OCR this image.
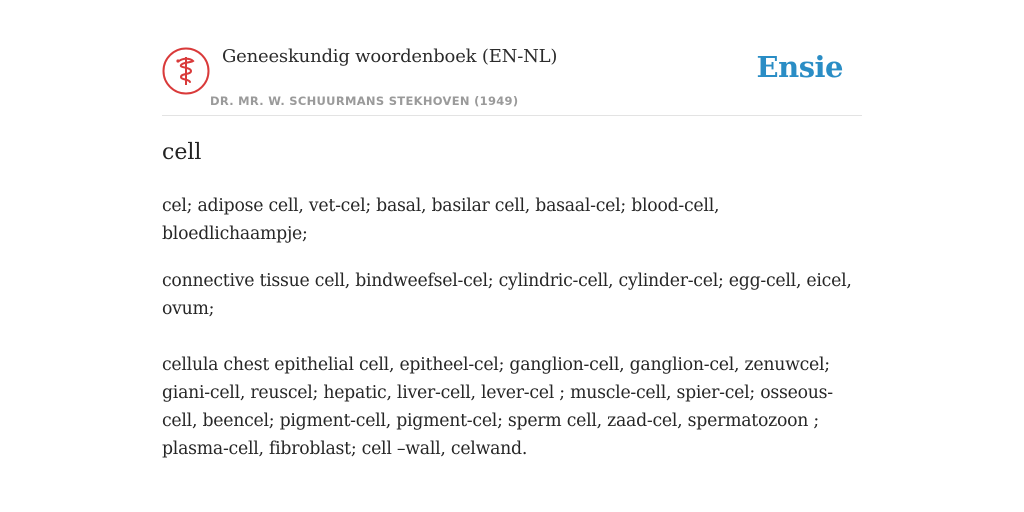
Geneeskundig woordenboek (EN-NL)
DR. MR. W. SCHUURMANS STEKHOVEN (1949)
Ensie
cell

cel; adipose cell, vet-cel; basal, basilar cell, basaal-cel; blood-cell, bloedlichaampje;

connective tissue cell, bindweefsel-cel; cylindric-cell, cylinder-cel; egg-cell, eicel, ovum;

cellula chest epithelial cell, epitheel-cel; ganglion-cell, ganglion-cel, zenuwcel; giani-cell, reuscel; hepatic, liver-cell, lever-cel ; muscle-cell, spier-cel; osseous-cell, beencel; pigment-cell, pigment-cel; sperm cell, zaad-cel, spermatozoon ; plasma-cell, fibroblast; cell –wall, celwand.
